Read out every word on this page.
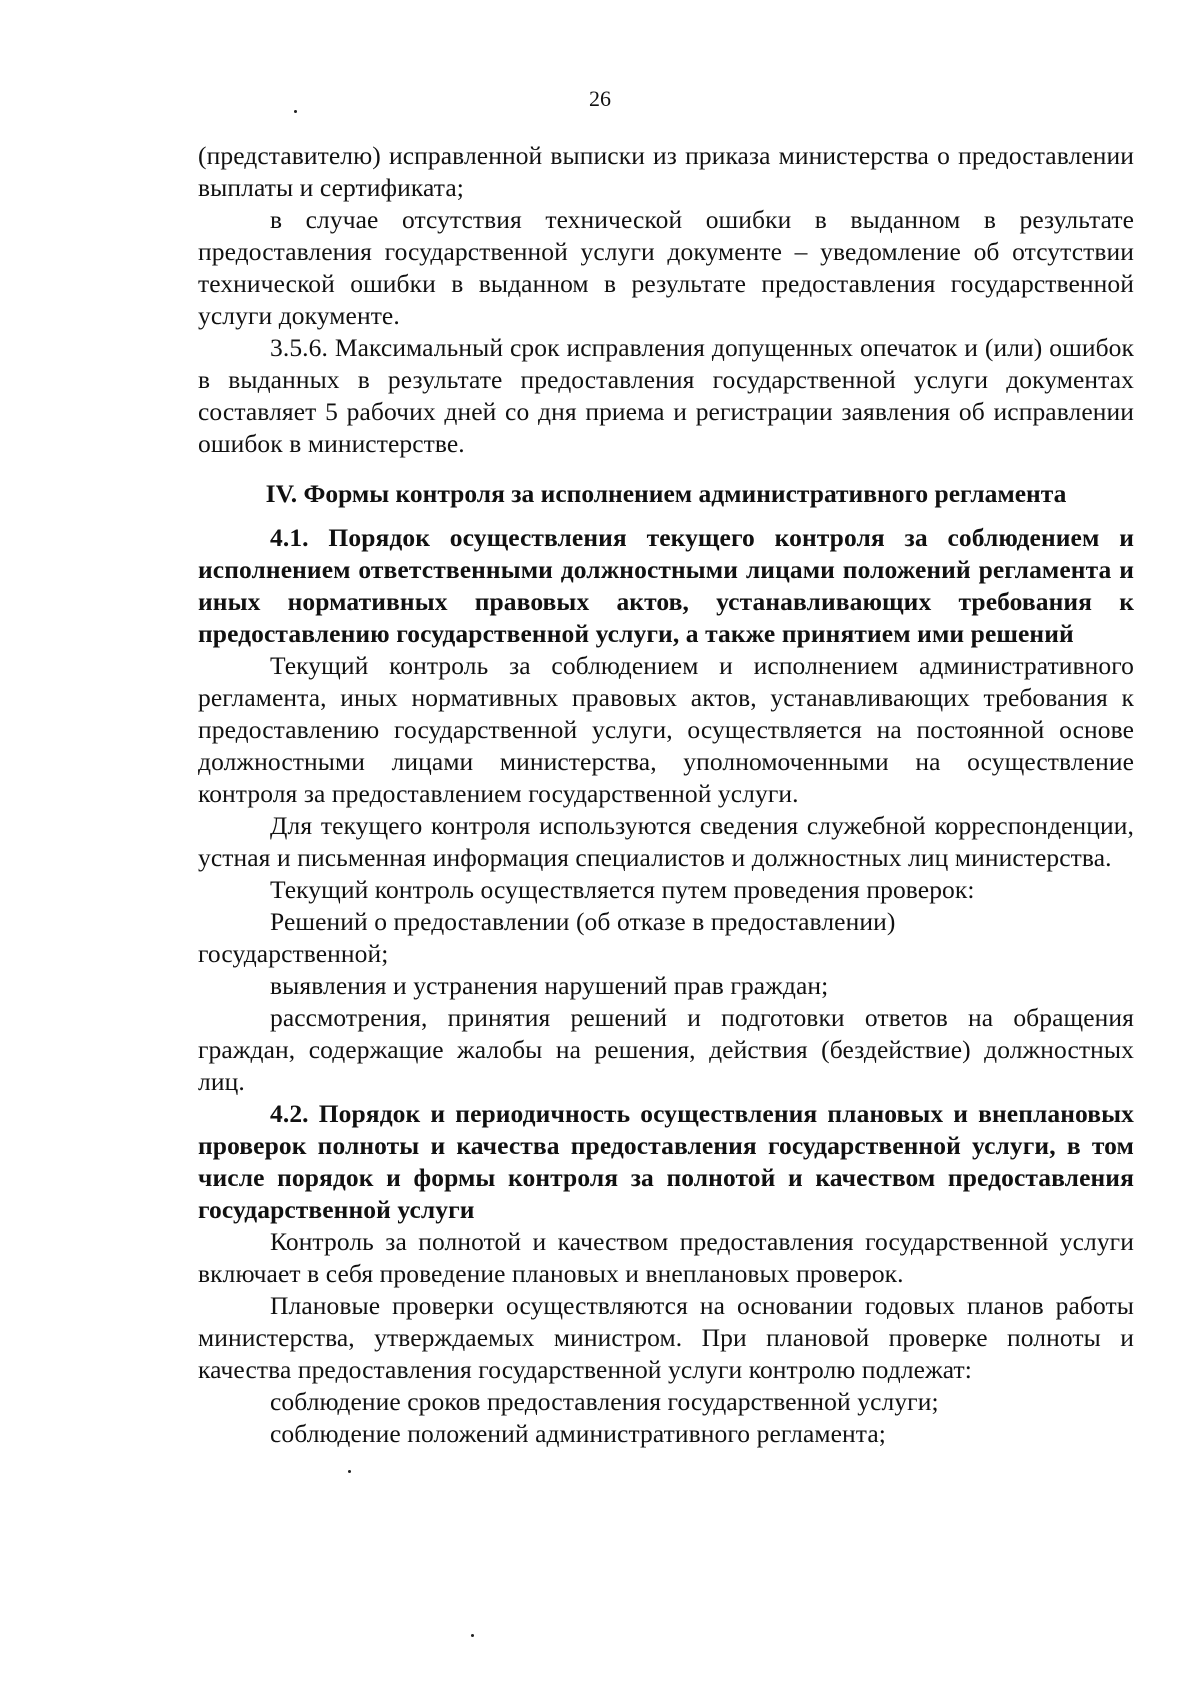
26

(представителю) исправленной выписки из приказа министерства о предоставлении выплаты и сертификата;

в случае отсутствия технической ошибки в выданном в результате предоставления государственной услуги документе – уведомление об отсутствии технической ошибки в выданном в результате предоставления государственной услуги документе.

3.5.6. Максимальный срок исправления допущенных опечаток и (или) ошибок в выданных в результате предоставления государственной услуги документах составляет 5 рабочих дней со дня приема и регистрации заявления об исправлении ошибок в министерстве.

IV. Формы контроля за исполнением административного регламента

4.1. Порядок осуществления текущего контроля за соблюдением и исполнением ответственными должностными лицами положений регламента и иных нормативных правовых актов, устанавливающих требования к предоставлению государственной услуги, а также принятием ими решений

Текущий контроль за соблюдением и исполнением административного регламента, иных нормативных правовых актов, устанавливающих требования к предоставлению государственной услуги, осуществляется на постоянной основе должностными лицами министерства, уполномоченными на осуществление контроля за предоставлением государственной услуги.

Для текущего контроля используются сведения служебной корреспонденции, устная и письменная информация специалистов и должностных лиц министерства.

Текущий контроль осуществляется путем проведения проверок:

Решений о предоставлении (об отказе в предоставлении)

государственной;

выявления и устранения нарушений прав граждан;

рассмотрения, принятия решений и подготовки ответов на обращения граждан, содержащие жалобы на решения, действия (бездействие) должностных лиц.

4.2. Порядок и периодичность осуществления плановых и внеплановых проверок полноты и качества предоставления государственной услуги, в том числе порядок и формы контроля за полнотой и качеством предоставления государственной услуги

Контроль за полнотой и качеством предоставления государственной услуги включает в себя проведение плановых и внеплановых проверок.

Плановые проверки осуществляются на основании годовых планов работы министерства, утверждаемых министром. При плановой проверке полноты и качества предоставления государственной услуги контролю подлежат:

соблюдение сроков предоставления государственной услуги;

соблюдение положений административного регламента;
